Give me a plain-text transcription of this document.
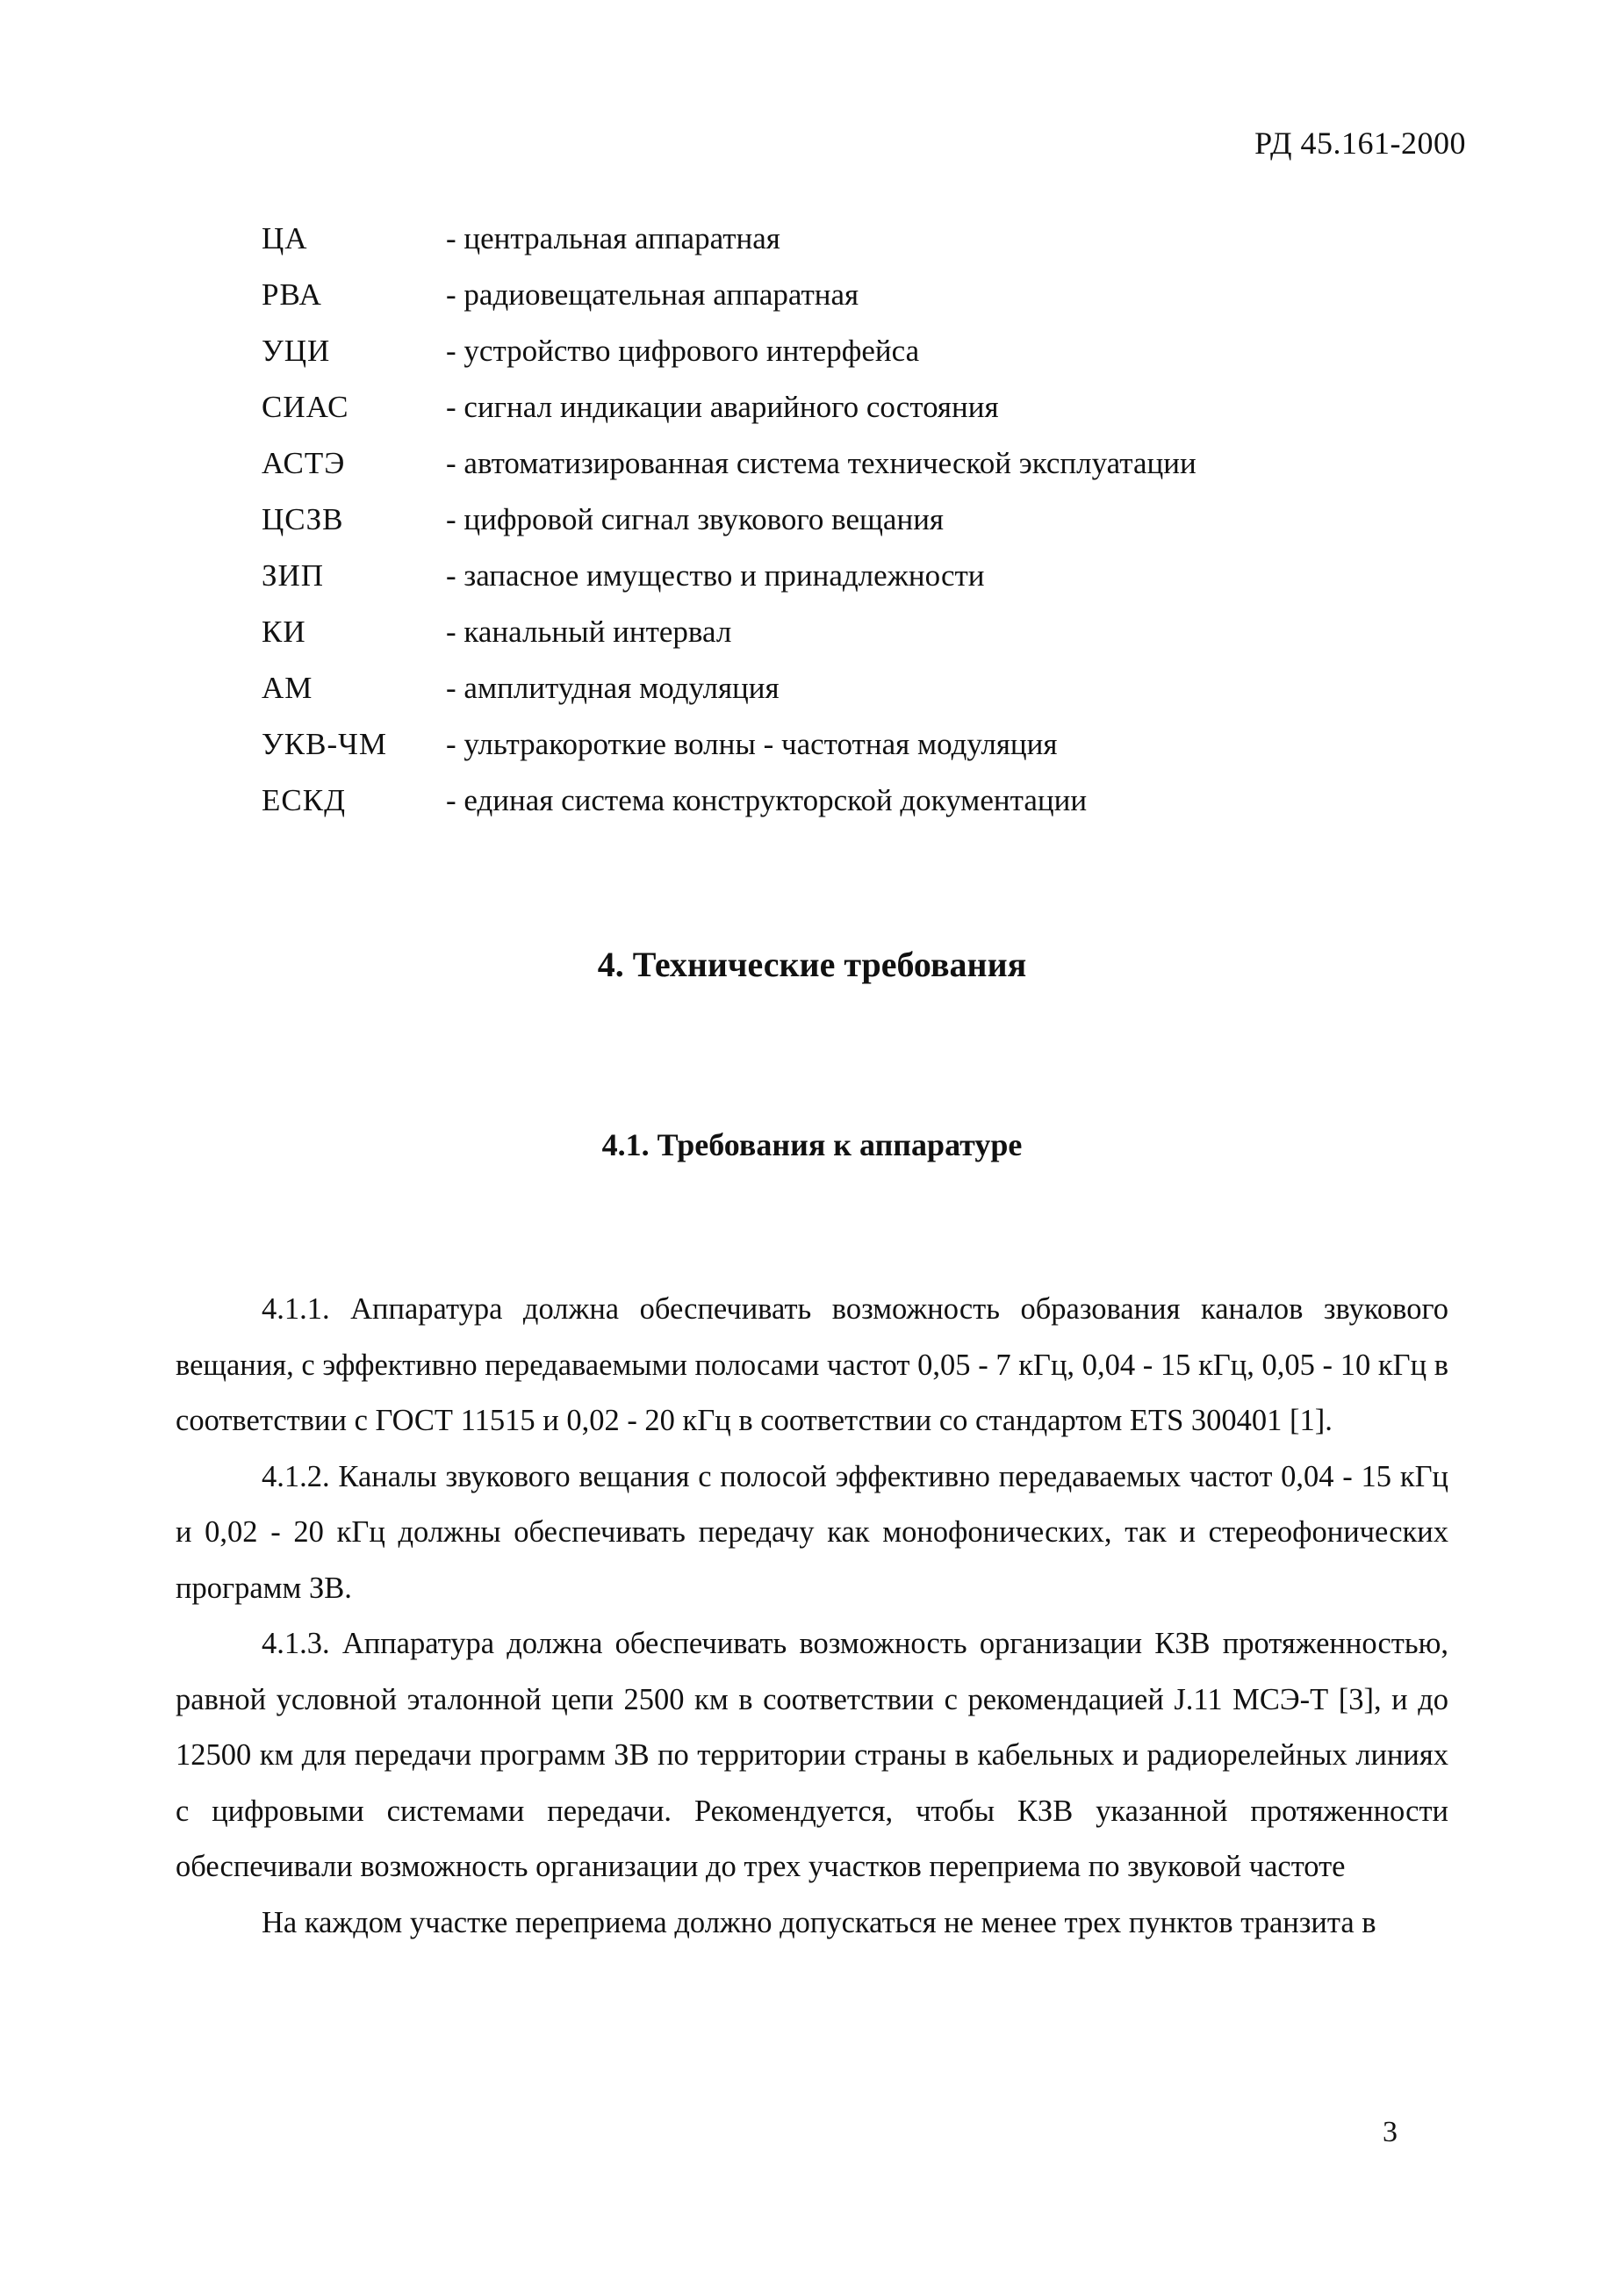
РД 45.161-2000
ЦА	- центральная аппаратная
РВА	- радиовещательная аппаратная
УЦИ	- устройство цифрового интерфейса
СИАС	- сигнал индикации аварийного состояния
АСТЭ	- автоматизированная система технической эксплуатации
ЦСЗВ	- цифровой сигнал звукового вещания
ЗИП	- запасное имущество и принадлежности
КИ	- канальный интервал
АМ	- амплитудная модуляция
УКВ-ЧМ	- ультракороткие волны - частотная модуляция
ЕСКД	- единая система конструкторской документации
4. Технические требования
4.1. Требования к аппаратуре

4.1.1. Аппаратура должна обеспечивать возможность образования каналов звукового вещания, с эффективно передаваемыми полосами частот 0,05 - 7 кГц, 0,04 - 15 кГц, 0,05 - 10 кГц в соответствии с ГОСТ 11515 и 0,02 - 20 кГц в соответствии со стандартом ETS 300401 [1].

4.1.2. Каналы звукового вещания с полосой эффективно передаваемых частот 0,04 - 15 кГц и 0,02 - 20 кГц должны обеспечивать передачу как монофонических, так и стереофонических программ ЗВ.

4.1.3. Аппаратура должна обеспечивать возможность организации КЗВ протяженностью, равной условной эталонной цепи 2500 км в соответствии с рекомендацией J.11 МСЭ-Т [3], и до 12500 км для передачи программ ЗВ по территории страны в кабельных и радиорелейных линиях с цифровыми системами передачи. Рекомендуется, чтобы КЗВ указанной протяженности обеспечивали возможность организации до трех участков переприема по звуковой частоте

На каждом участке переприема должно допускаться не менее трех пунктов транзита в

3
